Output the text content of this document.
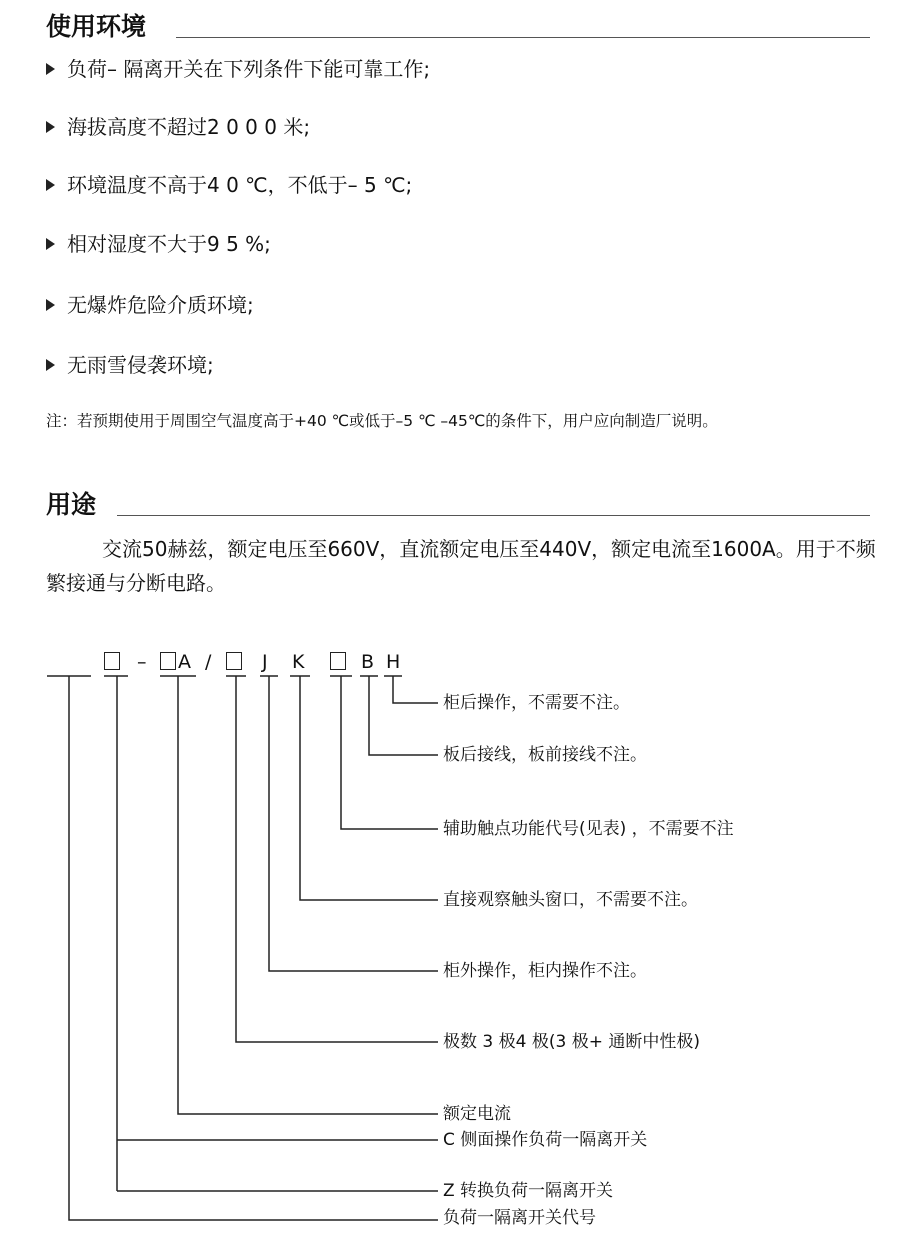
使用环境
负荷– 隔离开关在下列条件下能可靠工作;
海拔高度不超过2 0 0 0 米;
环境温度不高于4 0 ℃，不低于– 5 ℃;
相对湿度不大于9 5 %;
无爆炸危险介质环境;
无雨雪侵袭环境;
注：若预期使用于周围空气温度高于+40 ℃或低于–5 ℃ –45℃的条件下，用户应向制造厂说明。
用途
交流50赫兹，额定电压至660V，直流额定电压至440V，额定电流至1600A。用于不频繁接通与分断电路。
– A /	J K	B H
柜后操作，不需要不注。
板后接线，板前接线不注。
辅助触点功能代号(见表) ，不需要不注
直接观察触头窗口，不需要不注。
柜外操作，柜内操作不注。
极数 3 极4 极(3 极+ 通断中性极)
额定电流
C 侧面操作负荷一隔离开关
Z 转换负荷一隔离开关
负荷一隔离开关代号
